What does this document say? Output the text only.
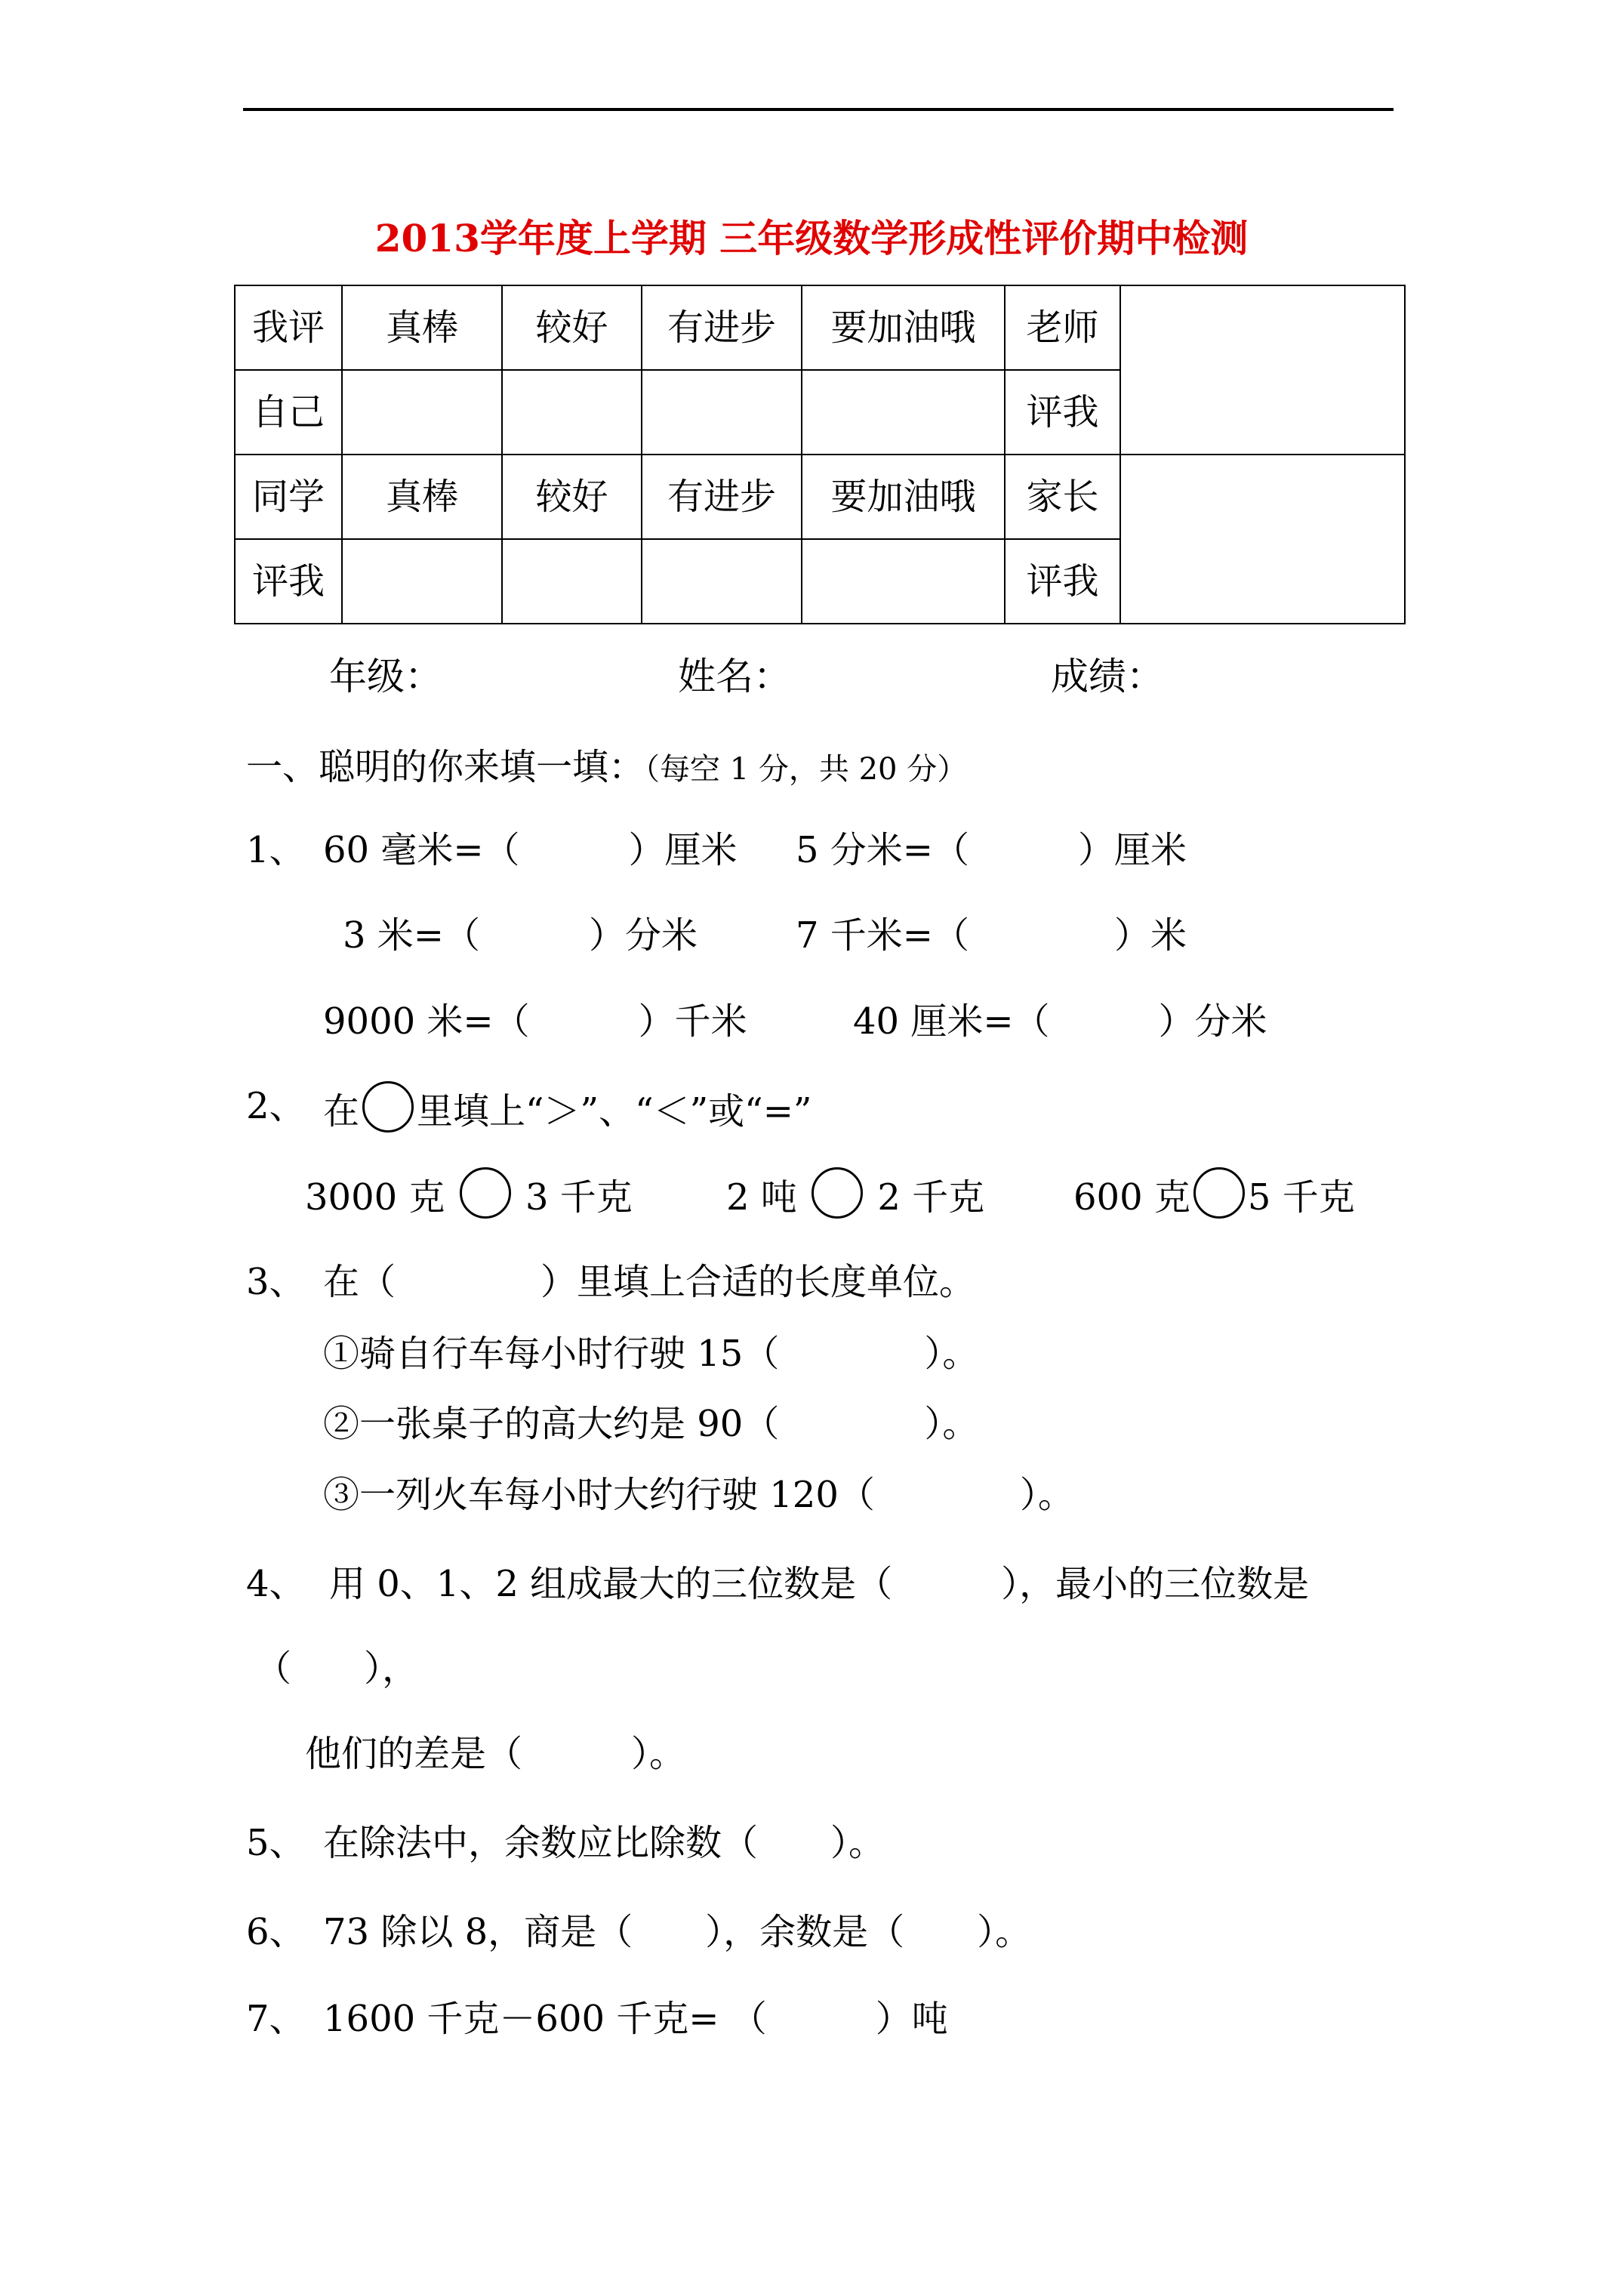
2013学年度上学期 三年级数学形成性评价期中检测
我评	真棒	较好	有进步	要加油哦	老师	
自己					评我	
同学	真棒	较好	有进步	要加油哦	家长	
评我					评我	
年级：	姓名：	成绩：
一、聪明的你来填一填：（每空 1 分，共 20 分）
1、 60 毫米=（　　　）厘米 5 分米=（　　　）厘米
3 米=（　　　）分米	7 千米=（　　　　）米
9000 米=（　　　）千米	40 厘米=（　　　）分米
2、 在 里填上“＞”、“＜”或“=”
3000 克 3 千克	2 吨 2 千克 600 克 5 千克
3、 在（　　　　）里填上合适的长度单位。
①骑自行车每小时行驶 15（　　　　）。
②一张桌子的高大约是 90（　　　　）。
③一列火车每小时大约行驶 120（　　　　）。
4、 用 0、1、2 组成最大的三位数是（　　　），最小的三位数是
（　　），
他们的差是（　　　）。
5、 在除法中，余数应比除数（　　）。
6、 73 除以 8，商是（　　），余数是（　　）。
7、 1600 千克－600 千克= （　　　）吨
